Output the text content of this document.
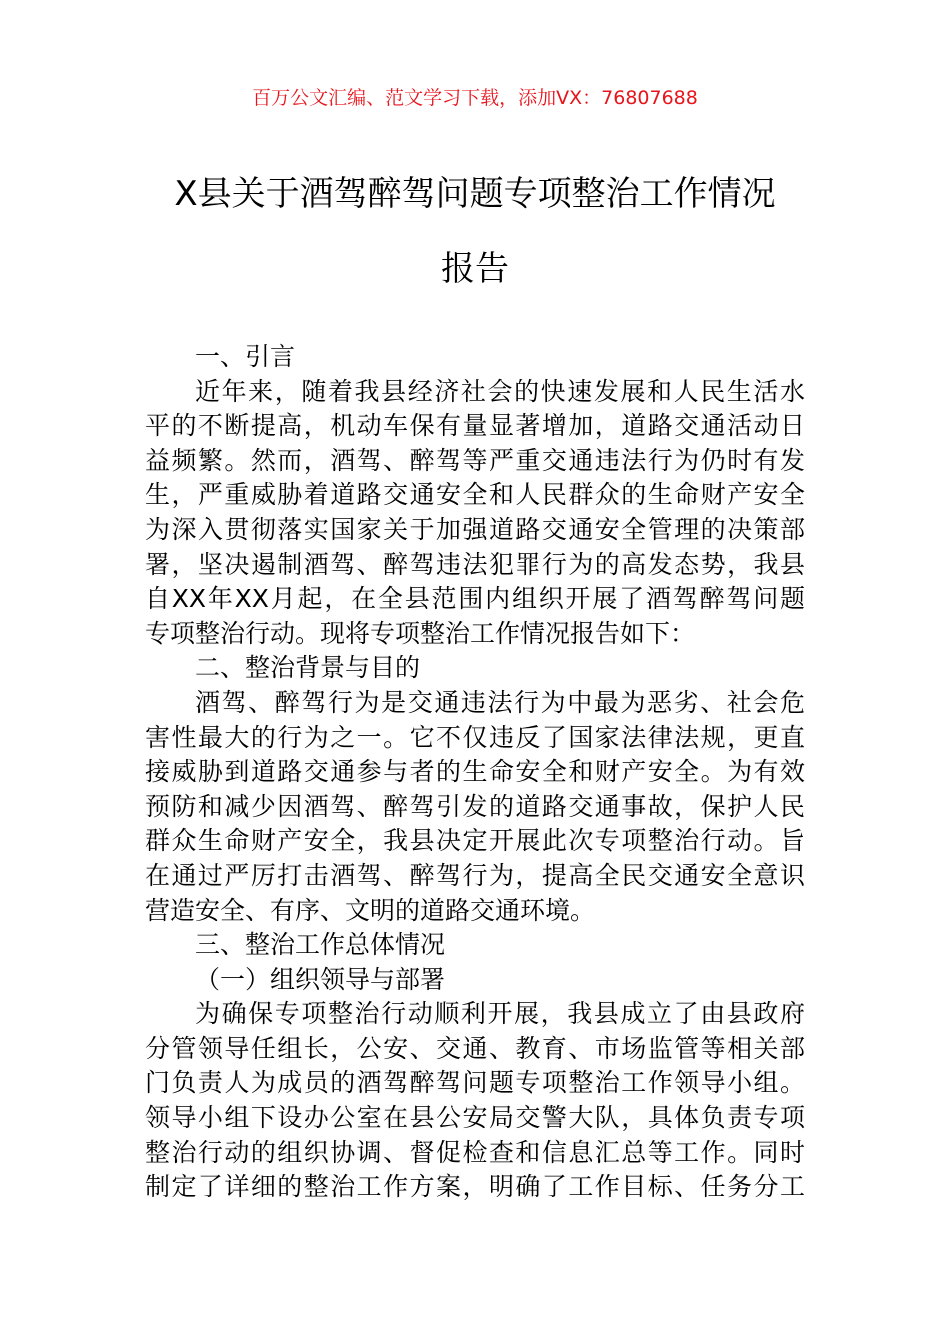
百万公文汇编、范文学习下载，添加VX：76807688
X县关于酒驾醉驾问题专项整治工作情况
报告
一、引言
近年来，随着我县经济社会的快速发展和人民生活水
平的不断提高，机动车保有量显著增加，道路交通活动日
益频繁。然而，酒驾、醉驾等严重交通违法行为仍时有发
生，严重威胁着道路交通安全和人民群众的生命财产安全
为深入贯彻落实国家关于加强道路交通安全管理的决策部
署，坚决遏制酒驾、醉驾违法犯罪行为的高发态势，我县
自XX年XX月起，在全县范围内组织开展了酒驾醉驾问题
专项整治行动。现将专项整治工作情况报告如下：
二、整治背景与目的
酒驾、醉驾行为是交通违法行为中最为恶劣、社会危
害性最大的行为之一。它不仅违反了国家法律法规，更直
接威胁到道路交通参与者的生命安全和财产安全。为有效
预防和减少因酒驾、醉驾引发的道路交通事故，保护人民
群众生命财产安全，我县决定开展此次专项整治行动。旨
在通过严厉打击酒驾、醉驾行为，提高全民交通安全意识
营造安全、有序、文明的道路交通环境。
三、整治工作总体情况
（一）组织领导与部署
为确保专项整治行动顺利开展，我县成立了由县政府
分管领导任组长，公安、交通、教育、市场监管等相关部
门负责人为成员的酒驾醉驾问题专项整治工作领导小组。
领导小组下设办公室在县公安局交警大队，具体负责专项
整治行动的组织协调、督促检查和信息汇总等工作。同时
制定了详细的整治工作方案，明确了工作目标、任务分工
